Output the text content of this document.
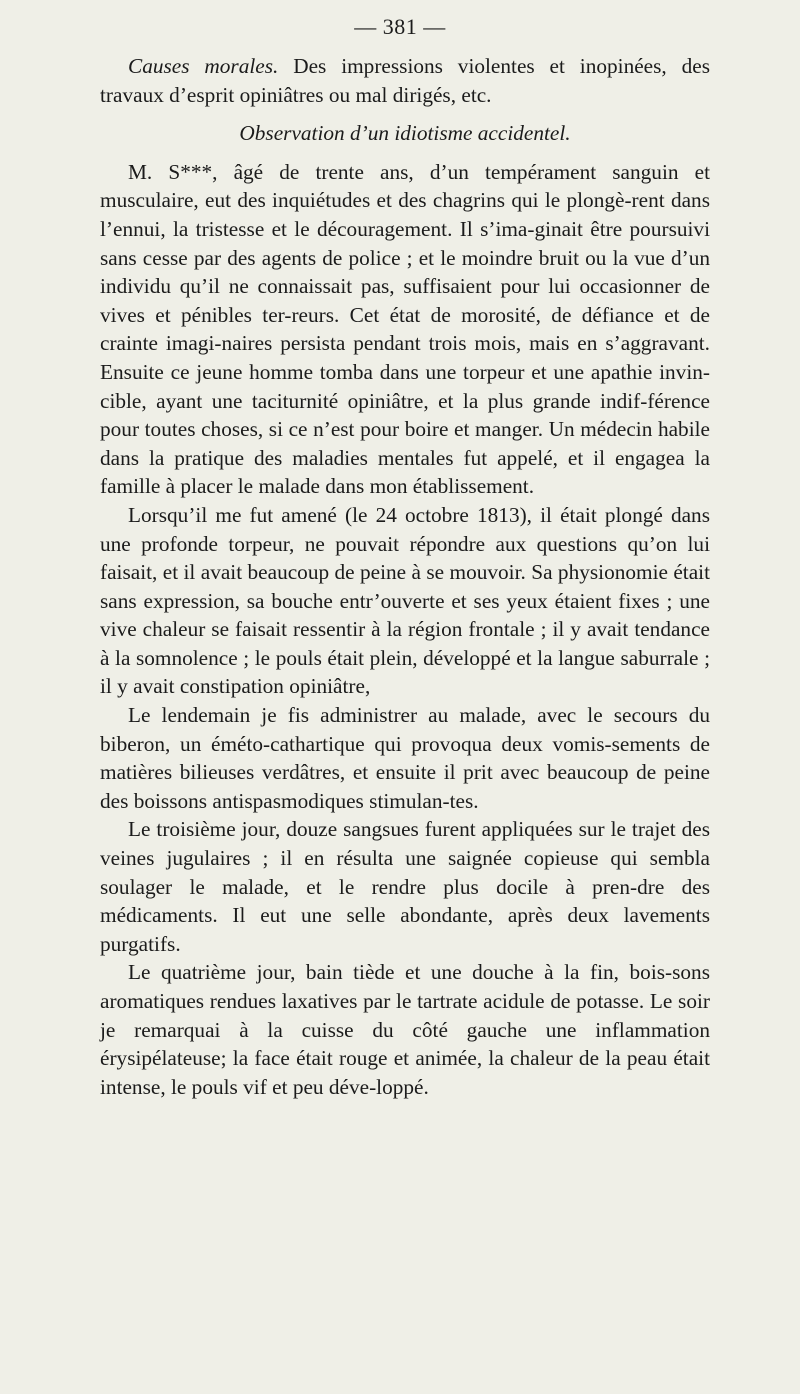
— 381 —

Causes morales. Des impressions violentes et inopinées, des travaux d’esprit opiniâtres ou mal dirigés, etc.

Observation d’un idiotisme accidentel.

M. S***, âgé de trente ans, d’un tempérament sanguin et musculaire, eut des inquiétudes et des chagrins qui le plongè-rent dans l’ennui, la tristesse et le découragement. Il s’ima-ginait être poursuivi sans cesse par des agents de police ; et le moindre bruit ou la vue d’un individu qu’il ne connaissait pas, suffisaient pour lui occasionner de vives et pénibles ter-reurs. Cet état de morosité, de défiance et de crainte imagi-naires persista pendant trois mois, mais en s’aggravant. Ensuite ce jeune homme tomba dans une torpeur et une apathie invin-cible, ayant une taciturnité opiniâtre, et la plus grande indif-férence pour toutes choses, si ce n’est pour boire et manger. Un médecin habile dans la pratique des maladies mentales fut appelé, et il engagea la famille à placer le malade dans mon établissement.

Lorsqu’il me fut amené (le 24 octobre 1813), il était plongé dans une profonde torpeur, ne pouvait répondre aux questions qu’on lui faisait, et il avait beaucoup de peine à se mouvoir. Sa physionomie était sans expression, sa bouche entr’ouverte et ses yeux étaient fixes ; une vive chaleur se faisait ressentir à la région frontale ; il y avait tendance à la somnolence ; le pouls était plein, développé et la langue saburrale ; il y avait constipation opiniâtre,

Le lendemain je fis administrer au malade, avec le secours du biberon, un éméto-cathartique qui provoqua deux vomis-sements de matières bilieuses verdâtres, et ensuite il prit avec beaucoup de peine des boissons antispasmodiques stimulan-tes.

Le troisième jour, douze sangsues furent appliquées sur le trajet des veines jugulaires ; il en résulta une saignée copieuse qui sembla soulager le malade, et le rendre plus docile à pren-dre des médicaments. Il eut une selle abondante, après deux lavements purgatifs.

Le quatrième jour, bain tiède et une douche à la fin, bois-sons aromatiques rendues laxatives par le tartrate acidule de potasse. Le soir je remarquai à la cuisse du côté gauche une inflammation érysipélateuse; la face était rouge et animée, la chaleur de la peau était intense, le pouls vif et peu déve-loppé.
